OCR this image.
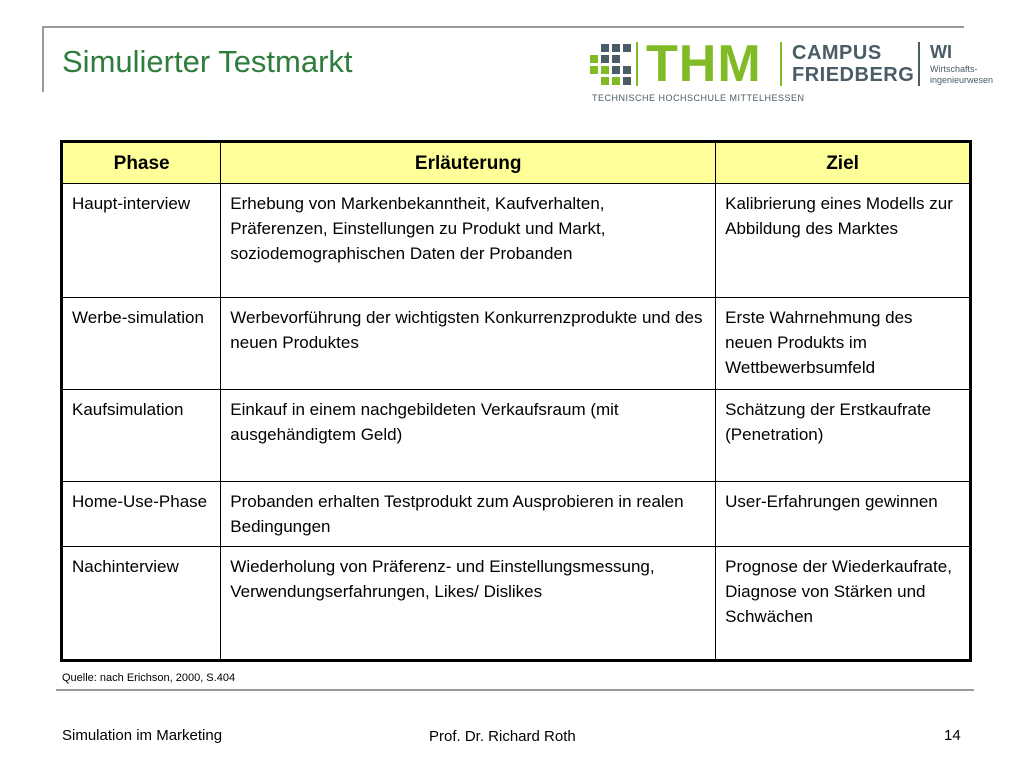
Simulierter Testmarkt	THM CAMPUS
FRIEDBERG
WI
Wirtschafts-
ingenieurwesen
TECHNISCHE HOCHSCHULE MITTELHESSEN
Phase	Erläuterung	Ziel
Haupt-interview	Erhebung von Markenbekanntheit, Kaufverhalten, Präferenzen, Einstellungen zu Produkt und Markt, soziodemographischen Daten der Probanden	Kalibrierung eines Modells zur Abbildung des Marktes
Werbe-simulation	Werbevorführung der wichtigsten Konkurrenzprodukte und des neuen Produktes	Erste Wahrnehmung des neuen Produkts im Wettbewerbsumfeld
Kaufsimulation	Einkauf in einem nachgebildeten Verkaufsraum (mit ausgehändigtem Geld)	Schätzung der Erstkaufrate (Penetration)
Home-Use-Phase	Probanden erhalten Testprodukt zum Ausprobieren in realen Bedingungen	User-Erfahrungen gewinnen
Nachinterview	Wiederholung von Präferenz- und Einstellungsmessung, Verwendungserfahrungen, Likes/ Dislikes	Prognose der Wiederkaufrate, Diagnose von Stärken und Schwächen
Quelle: nach Erichson, 2000, S.404
Simulation im Marketing	Prof. Dr. Richard Roth	14
